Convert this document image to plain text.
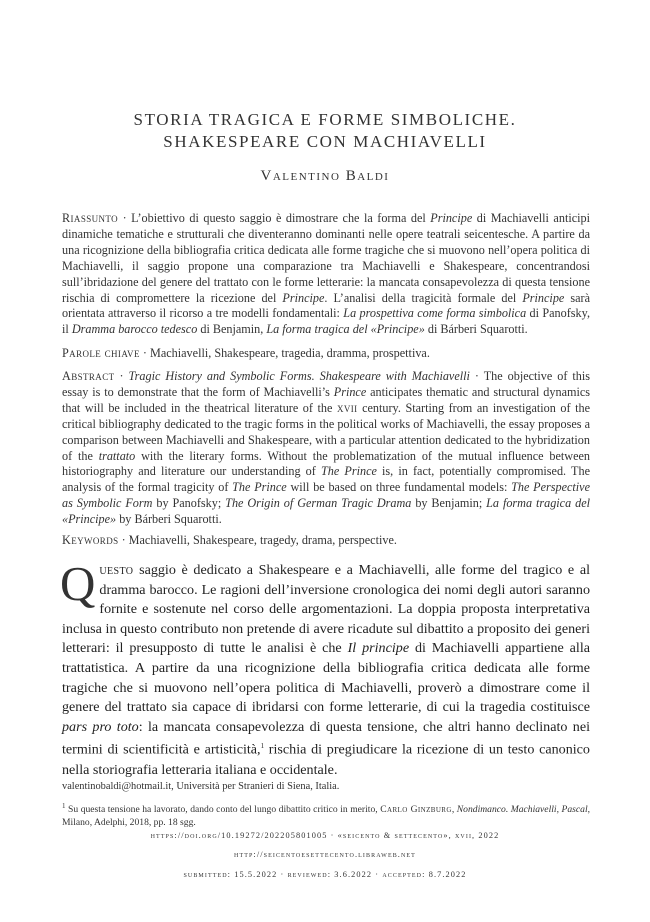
STORIA TRAGICA E FORME SIMBOLICHE.
SHAKESPEARE CON MACHIAVELLI
Valentino Baldi
Riassunto · L’obiettivo di questo saggio è dimostrare che la forma del Principe di Machiavelli anticipi dinamiche tematiche e strutturali che diventeranno dominanti nelle opere teatrali seicentesche. A partire da una ricognizione della bibliografia critica dedicata alle forme tragiche che si muovono nell’opera politica di Machiavelli, il saggio propone una comparazione tra Machiavelli e Shakespeare, concentrandosi sull’ibridazione del genere del trattato con le forme letterarie: la mancata consapevolezza di questa tensione rischia di compromettere la ricezione del Principe. L’analisi della tragicità formale del Principe sarà orientata attraverso il ricorso a tre modelli fondamentali: La prospettiva come forma simbolica di Panofsky, il Dramma barocco tedesco di Benjamin, La forma tragica del «Principe» di Bárberi Squarotti.
Parole chiave · Machiavelli, Shakespeare, tragedia, dramma, prospettiva.
Abstract · Tragic History and Symbolic Forms. Shakespeare with Machiavelli · The objective of this essay is to demonstrate that the form of Machiavelli’s Prince anticipates thematic and structural dynamics that will be included in the theatrical literature of the xvii century. Starting from an investigation of the critical bibliography dedicated to the tragic forms in the political works of Machiavelli, the essay proposes a comparison between Machiavelli and Shakespeare, with a particular attention dedicated to the hybridization of the trattato with the literary forms. Without the problematization of the mutual influence between historiography and literature our understanding of The Prince is, in fact, potentially compromised. The analysis of the formal tragicity of The Prince will be based on three fundamental models: The Perspective as Symbolic Form by Panofsky; The Origin of German Tragic Drama by Benjamin; La forma tragica del «Principe» by Bárberi Squarotti.
Keywords · Machiavelli, Shakespeare, tragedy, drama, perspective.
Questo saggio è dedicato a Shakespeare e a Machiavelli, alle forme del tragico e al dramma barocco. Le ragioni dell’inversione cronologica dei nomi degli autori saranno fornite e sostenute nel corso delle argomentazioni. La doppia proposta interpretativa inclusa in questo contributo non pretende di avere ricadute sul dibattito a proposito dei generi letterari: il presupposto di tutte le analisi è che Il principe di Machiavelli appartiene alla trattatistica. A partire da una ricognizione della bibliografia critica dedicata alle forme tragiche che si muovono nell’opera politica di Machiavelli, proverò a dimostrare come il genere del trattato sia capace di ibridarsi con forme letterarie, di cui la tragedia costituisce pars pro toto: la mancata consapevolezza di questa tensione, che altri hanno declinato nei termini di scientificità e artisticità,$^1$ rischia di pregiudicare la ricezione di un testo canonico nella storiografia letteraria italiana e occidentale.
valentinobaldi@hotmail.it, Università per Stranieri di Siena, Italia.
$^1$ Su questa tensione ha lavorato, dando conto del lungo dibattito critico in merito, Carlo Ginzburg, Nondimanco. Machiavelli, Pascal, Milano, Adelphi, 2018, pp. 18 sgg.
https://doi.org/10.19272/202205801005 · «seicento & settecento», xvii, 2022
http://seicentoesettecento.libraweb.net
submitted: 15.5.2022 · reviewed: 3.6.2022 · accepted: 8.7.2022
